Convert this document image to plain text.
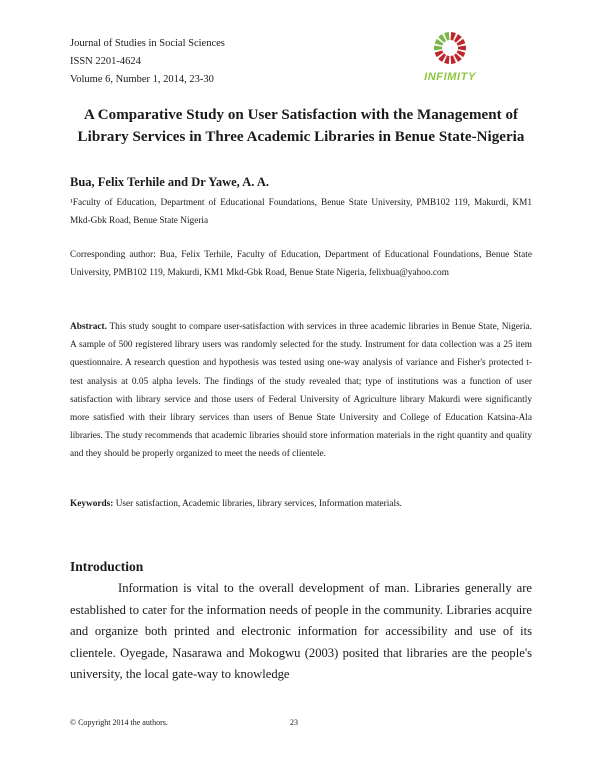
Journal of Studies in Social Sciences
ISSN 2201-4624
Volume 6, Number 1, 2014, 23-30	INFIMITY
A Comparative Study on User Satisfaction with the Management of Library Services in Three Academic Libraries in Benue State-Nigeria

Bua, Felix Terhile and Dr Yawe, A. A.

¹Faculty of Education, Department of Educational Foundations, Benue State University, PMB102 119, Makurdi, KM1 Mkd-Gbk Road, Benue State Nigeria

Corresponding author: Bua, Felix Terhile, Faculty of Education, Department of Educational Foundations, Benue State University, PMB102 119, Makurdi, KM1 Mkd-Gbk Road, Benue State Nigeria, felixbua@yahoo.com

Abstract. This study sought to compare user-satisfaction with services in three academic libraries in Benue State, Nigeria. A sample of 500 registered library users was randomly selected for the study. Instrument for data collection was a 25 item questionnaire. A research question and hypothesis was tested using one-way analysis of variance and Fisher's protected t-test analysis at 0.05 alpha levels. The findings of the study revealed that; type of institutions was a function of user satisfaction with library service and those users of Federal University of Agriculture library Makurdi were significantly more satisfied with their library services than users of Benue State University and College of Education Katsina-Ala libraries. The study recommends that academic libraries should store information materials in the right quantity and quality and they should be properly organized to meet the needs of clientele.

Keywords: User satisfaction, Academic libraries, library services, Information materials.

Introduction

Information is vital to the overall development of man. Libraries generally are established to cater for the information needs of people in the community. Libraries acquire and organize both printed and electronic information for accessibility and use of its clientele. Oyegade, Nasarawa and Mokogwu (2003) posited that libraries are the people's university, the local gate-way to knowledge

© Copyright 2014 the authors.	23
